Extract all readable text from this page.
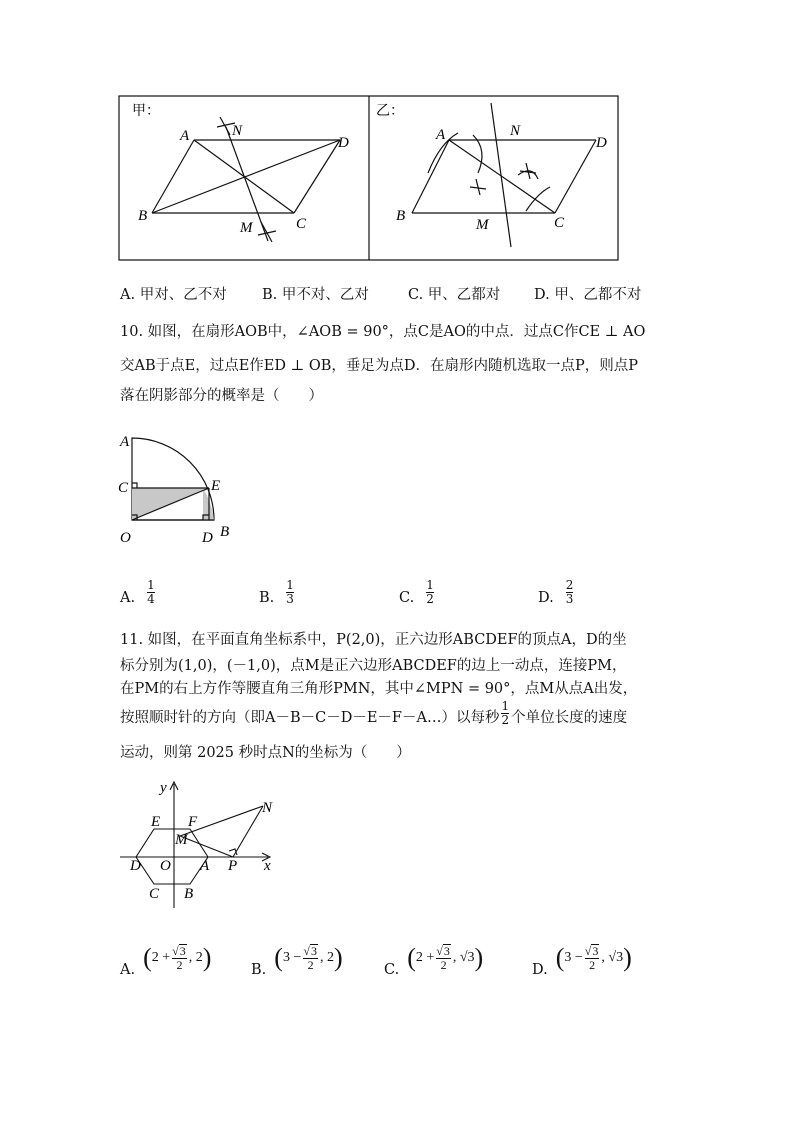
甲：	乙：
A	N
D
B
M	C
A	N
D
B
M	C
A. 甲对、乙不对 B. 甲不对、乙对	C. 甲、乙都对 D. 甲、乙都不对
10. 如图，在扇形AOB中，∠AOB = 90°，点C是AO的中点．过点C作CE ⊥ AO
交AB于点E，过点E作ED ⊥ OB，垂足为点D．在扇形内随机选取一点P，则点P
落在阴影部分的概率是（　　）
A
C	E
O	D B
A. $\frac{1}{4}$	B. $\frac{1}{3}$	C. $\frac{1}{2}$	D. $\frac{2}{3}$
11. 如图，在平面直角坐标系中，P(2,0)，正六边形ABCDEF的顶点A，D的坐
标分别为(1,0)，(－1,0)，点M是正六边形ABCDEF的边上一动点，连接PM，
在PM的右上方作等腰直角三角形PMN，其中∠MPN = 90°，点M从点A出发，
按照顺时针的方向（即A－B－C－D－E－F－A…）以每秒 $\frac{1}{2}$ 个单位长度的速度
运动，则第 2025 秒时点N的坐标为（　　）
y
x
E F
N
M
D O A P
C B
A. ( $2 + \frac{√3}{2}$ , 2 )	B. ( $3 - \frac{√3}{2}$ , 2 )	C. ( $2 + \frac{√3}{2}$ , √3 )	D. ( $3 - \frac{√3}{2}$ , √3 )
